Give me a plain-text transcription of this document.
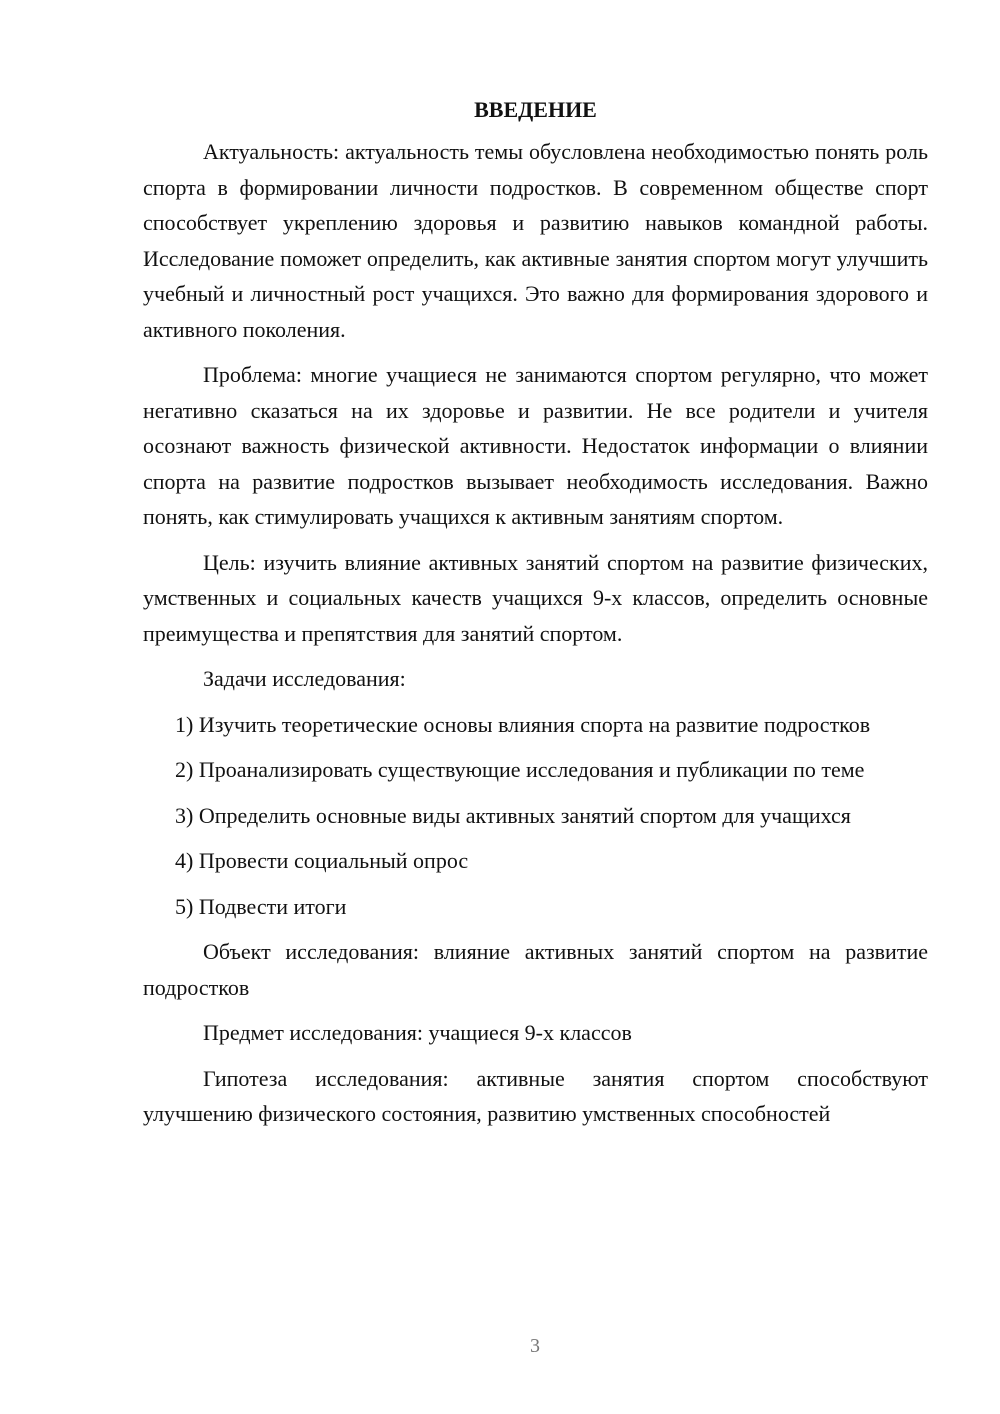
ВВЕДЕНИЕ

Актуальность: актуальность темы обусловлена необходимостью понять роль спорта в формировании личности подростков. В современном обществе спорт способствует укреплению здоровья и развитию навыков командной работы. Исследование поможет определить, как активные занятия спортом могут улучшить учебный и личностный рост учащихся. Это важно для формирования здорового и активного поколения.

Проблема: многие учащиеся не занимаются спортом регулярно, что может негативно сказаться на их здоровье и развитии. Не все родители и учителя осознают важность физической активности. Недостаток информации о влиянии спорта на развитие подростков вызывает необходимость исследования. Важно понять, как стимулировать учащихся к активным занятиям спортом.

Цель: изучить влияние активных занятий спортом на развитие физических, умственных и социальных качеств учащихся 9-х классов, определить основные преимущества и препятствия для занятий спортом.

Задачи исследования:

1) Изучить теоретические основы влияния спорта на развитие подростков

2) Проанализировать существующие исследования и публикации по теме

3) Определить основные виды активных занятий спортом для учащихся

4) Провести социальный опрос

5) Подвести итоги

Объект исследования: влияние активных занятий спортом на развитие подростков

Предмет исследования: учащиеся 9-х классов

Гипотеза исследования: активные занятия спортом способствуют улучшению физического состояния, развитию умственных способностей

3
